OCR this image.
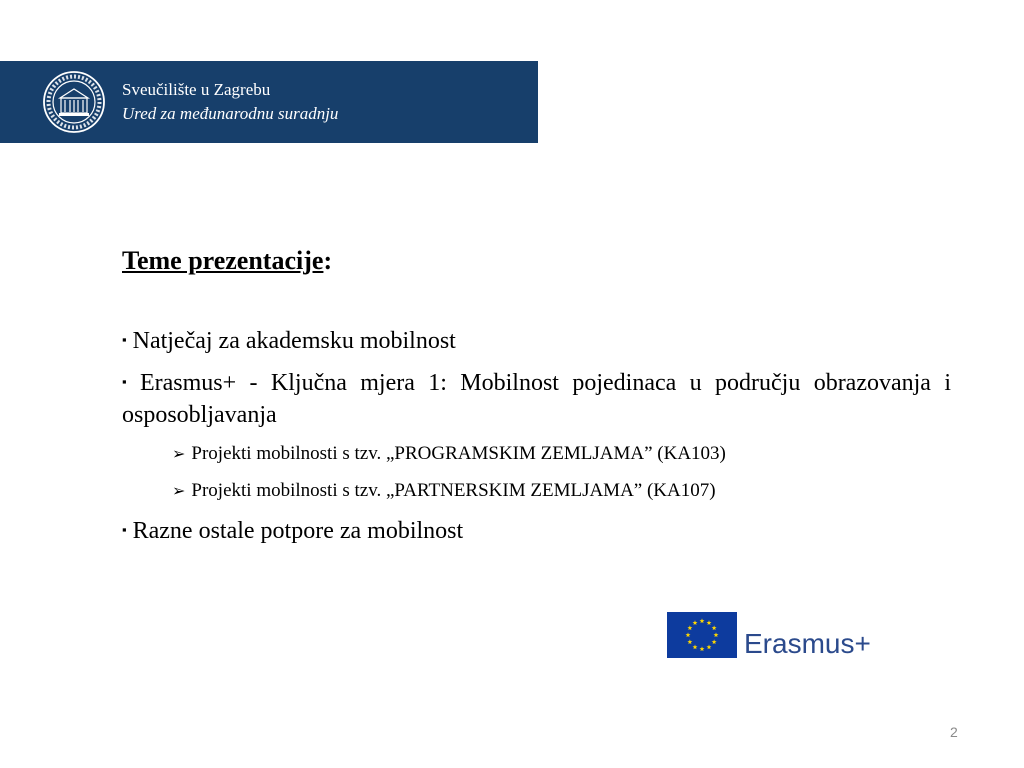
Sveučilište u Zagrebu
Ured za međunarodnu suradnju
Teme prezentacije:
▪ Natječaj za akademsku mobilnost
▪ Erasmus+ - Ključna mjera 1: Mobilnost pojedinaca u području obrazovanja i osposobljavanja
➢ Projekti mobilnosti s tzv. „PROGRAMSKIM ZEMLJAMA” (KA103)
➢ Projekti mobilnosti s tzv. „PARTNERSKIM ZEMLJAMA” (KA107)
▪ Razne ostale potpore za mobilnost
Erasmus+
2
